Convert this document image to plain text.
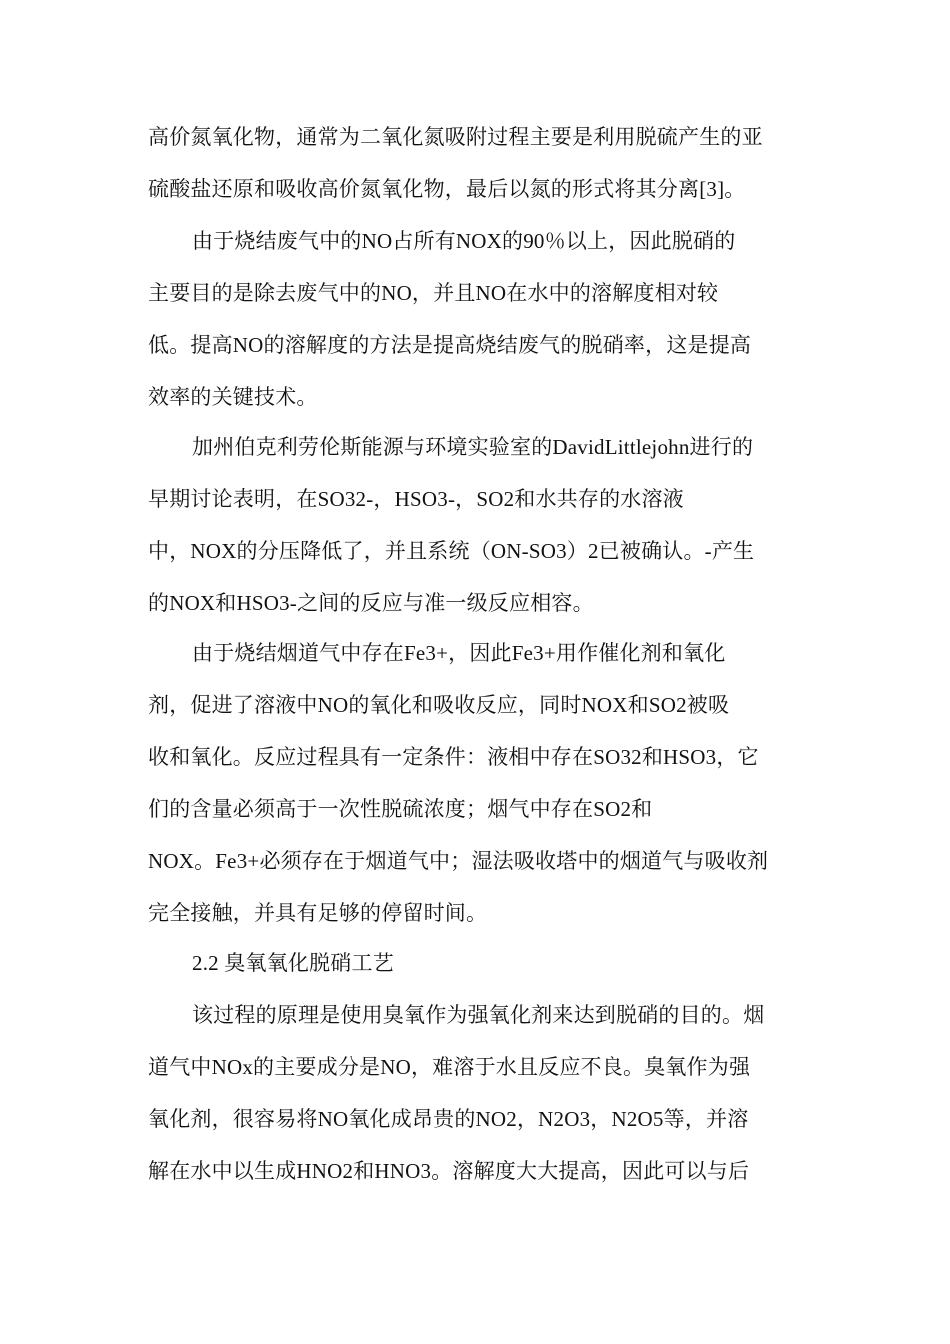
高价氮氧化物，通常为二氧化氮吸附过程主要是利用脱硫产生的亚
硫酸盐还原和吸收高价氮氧化物，最后以氮的形式将其分离[3]。
由于烧结废气中的NO占所有NOX的90％以上，因此脱硝的
主要目的是除去废气中的NO，并且NO在水中的溶解度相对较
低。提高NO的溶解度的方法是提高烧结废气的脱硝率，这是提高
效率的关键技术。
加州伯克利劳伦斯能源与环境实验室的DavidLittlejohn进行的
早期讨论表明，在SO32-，HSO3-，SO2和水共存的水溶液
中，NOX的分压降低了，并且系统（ON-SO3）2已被确认。-产生
的NOX和HSO3-之间的反应与准一级反应相容。
由于烧结烟道气中存在Fe3+，因此Fe3+用作催化剂和氧化
剂，促进了溶液中NO的氧化和吸收反应，同时NOX和SO2被吸
收和氧化。反应过程具有一定条件：液相中存在SO32和HSO3，它
们的含量必须高于一次性脱硫浓度；烟气中存在SO2和
NOX。Fe3+必须存在于烟道气中；湿法吸收塔中的烟道气与吸收剂
完全接触，并具有足够的停留时间。
2.2 臭氧氧化脱硝工艺
该过程的原理是使用臭氧作为强氧化剂来达到脱硝的目的。烟
道气中NOx的主要成分是NO，难溶于水且反应不良。臭氧作为强
氧化剂，很容易将NO氧化成昂贵的NO2，N2O3，N2O5等，并溶
解在水中以生成HNO2和HNO3。溶解度大大提高，因此可以与后
